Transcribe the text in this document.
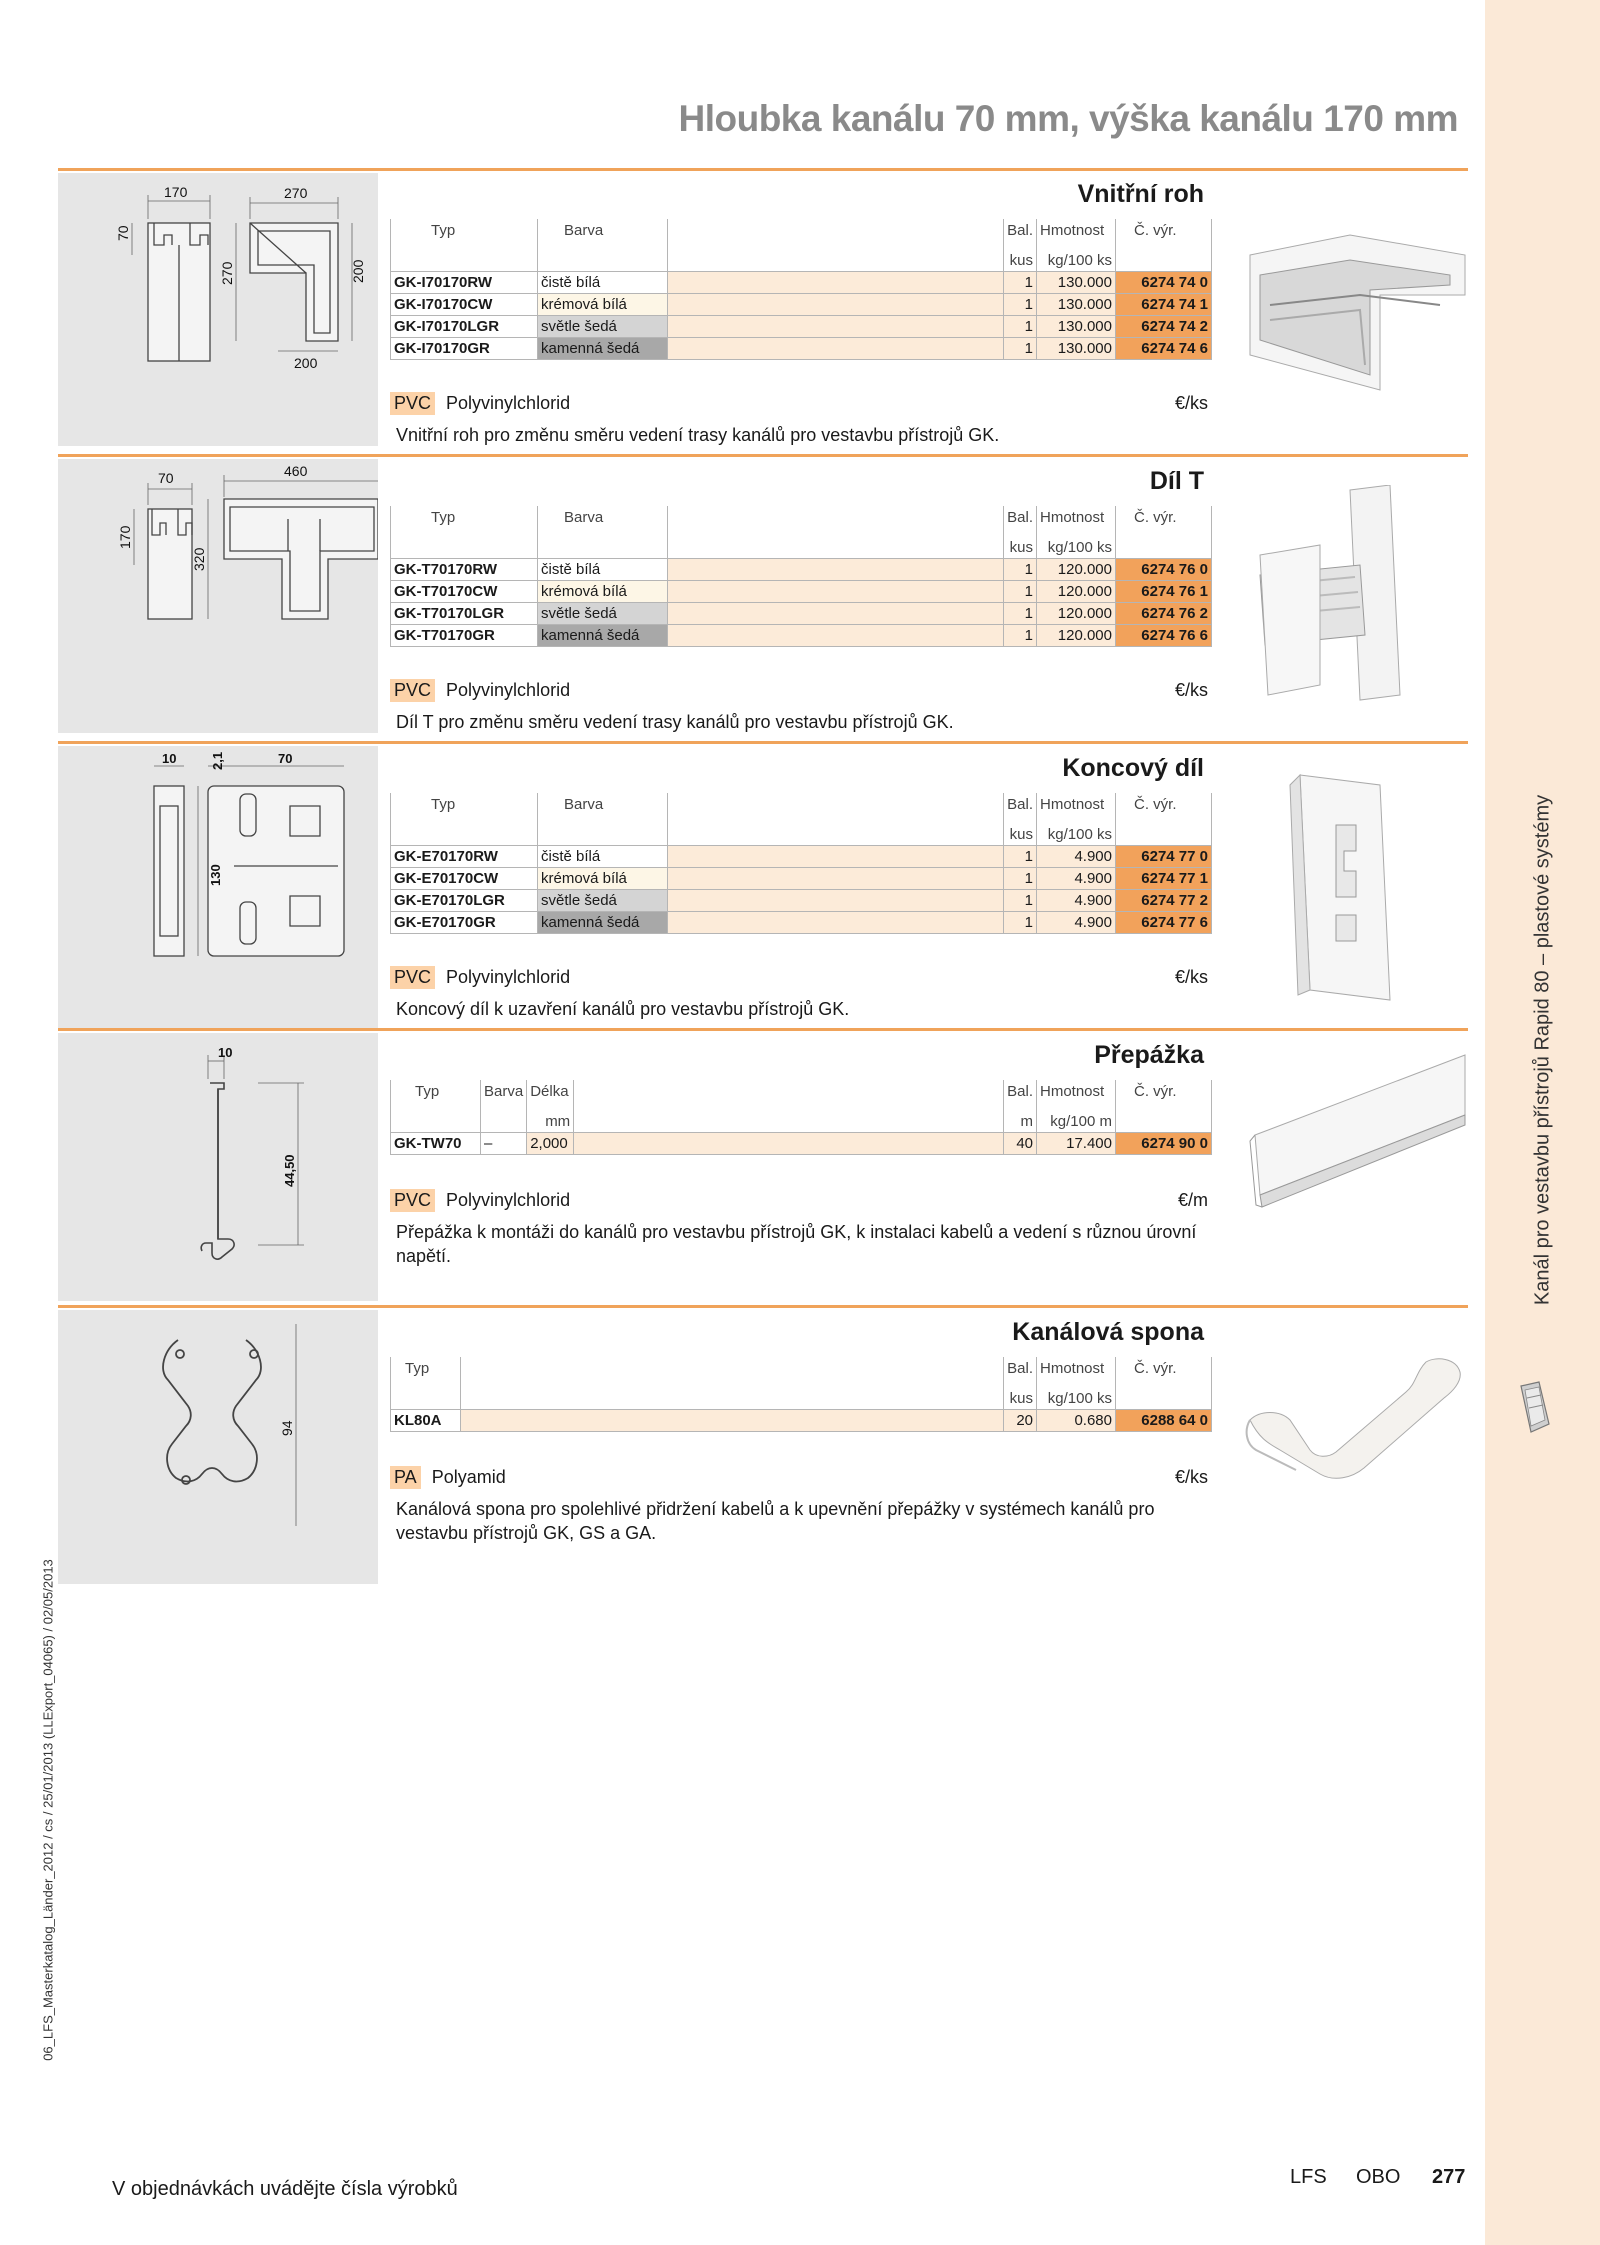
Kanál pro vestavbu přístrojů Rapid 80 – plastové systémy
06_LFS_Masterkatalog_Länder_2012 / cs / 25/01/2013 (LLExport_04065) / 02/05/2013
Hloubka kanálu 70 mm, výška kanálu 170 mm
170	270
70
270	200
200
Vnitřní roh
Typ	Barva		Bal.	Hmotnost	Č. výr.
			kus	kg/100 ks	
GK-I70170RW	čistě bílá		1	130.000	6274 74 0
GK-I70170CW	krémová bílá		1	130.000	6274 74 1
GK-I70170LGR	světle šedá		1	130.000	6274 74 2
GK-I70170GR	kamenná šedá		1	130.000	6274 74 6
PVC Polyvinylchlorid	€/ks
Vnitřní roh pro změnu směru vedení trasy kanálů pro vestavbu přístrojů GK.
70	460
170
320
Díl T
Typ	Barva		Bal.	Hmotnost	Č. výr.
			kus	kg/100 ks	
GK-T70170RW	čistě bílá		1	120.000	6274 76 0
GK-T70170CW	krémová bílá		1	120.000	6274 76 1
GK-T70170LGR	světle šedá		1	120.000	6274 76 2
GK-T70170GR	kamenná šedá		1	120.000	6274 76 6
PVC Polyvinylchlorid	€/ks
Díl T pro změnu směru vedení trasy kanálů pro vestavbu přístrojů GK.
10	2,1	70
130
Koncový díl
Typ	Barva		Bal.	Hmotnost	Č. výr.
			kus	kg/100 ks	
GK-E70170RW	čistě bílá		1	4.900	6274 77 0
GK-E70170CW	krémová bílá		1	4.900	6274 77 1
GK-E70170LGR	světle šedá		1	4.900	6274 77 2
GK-E70170GR	kamenná šedá		1	4.900	6274 77 6
PVC Polyvinylchlorid	€/ks
Koncový díl k uzavření kanálů pro vestavbu přístrojů GK.
10
44,50
Přepážka
Typ	Barva	Délka		Bal.	Hmotnost	Č. výr.
		mm		m	kg/100 m	
GK-TW70	–	2,000		40	17.400	6274 90 0
PVC Polyvinylchlorid	€/m
Přepážka k montáži do kanálů pro vestavbu přístrojů GK, k instalaci kabelů a vedení s různou úrovní napětí.
94
Kanálová spona
Typ		Bal.	Hmotnost	Č. výr.
		kus	kg/100 ks	
KL80A		20	0.680	6288 64 0
PA Polyamid	€/ks
Kanálová spona pro spolehlivé přidržení kabelů a k upevnění přepážky v systémech kanálů pro vestavbu přístrojů GK, GS a GA.
V objednávkách uvádějte čísla výrobků
LFS OBO 277
